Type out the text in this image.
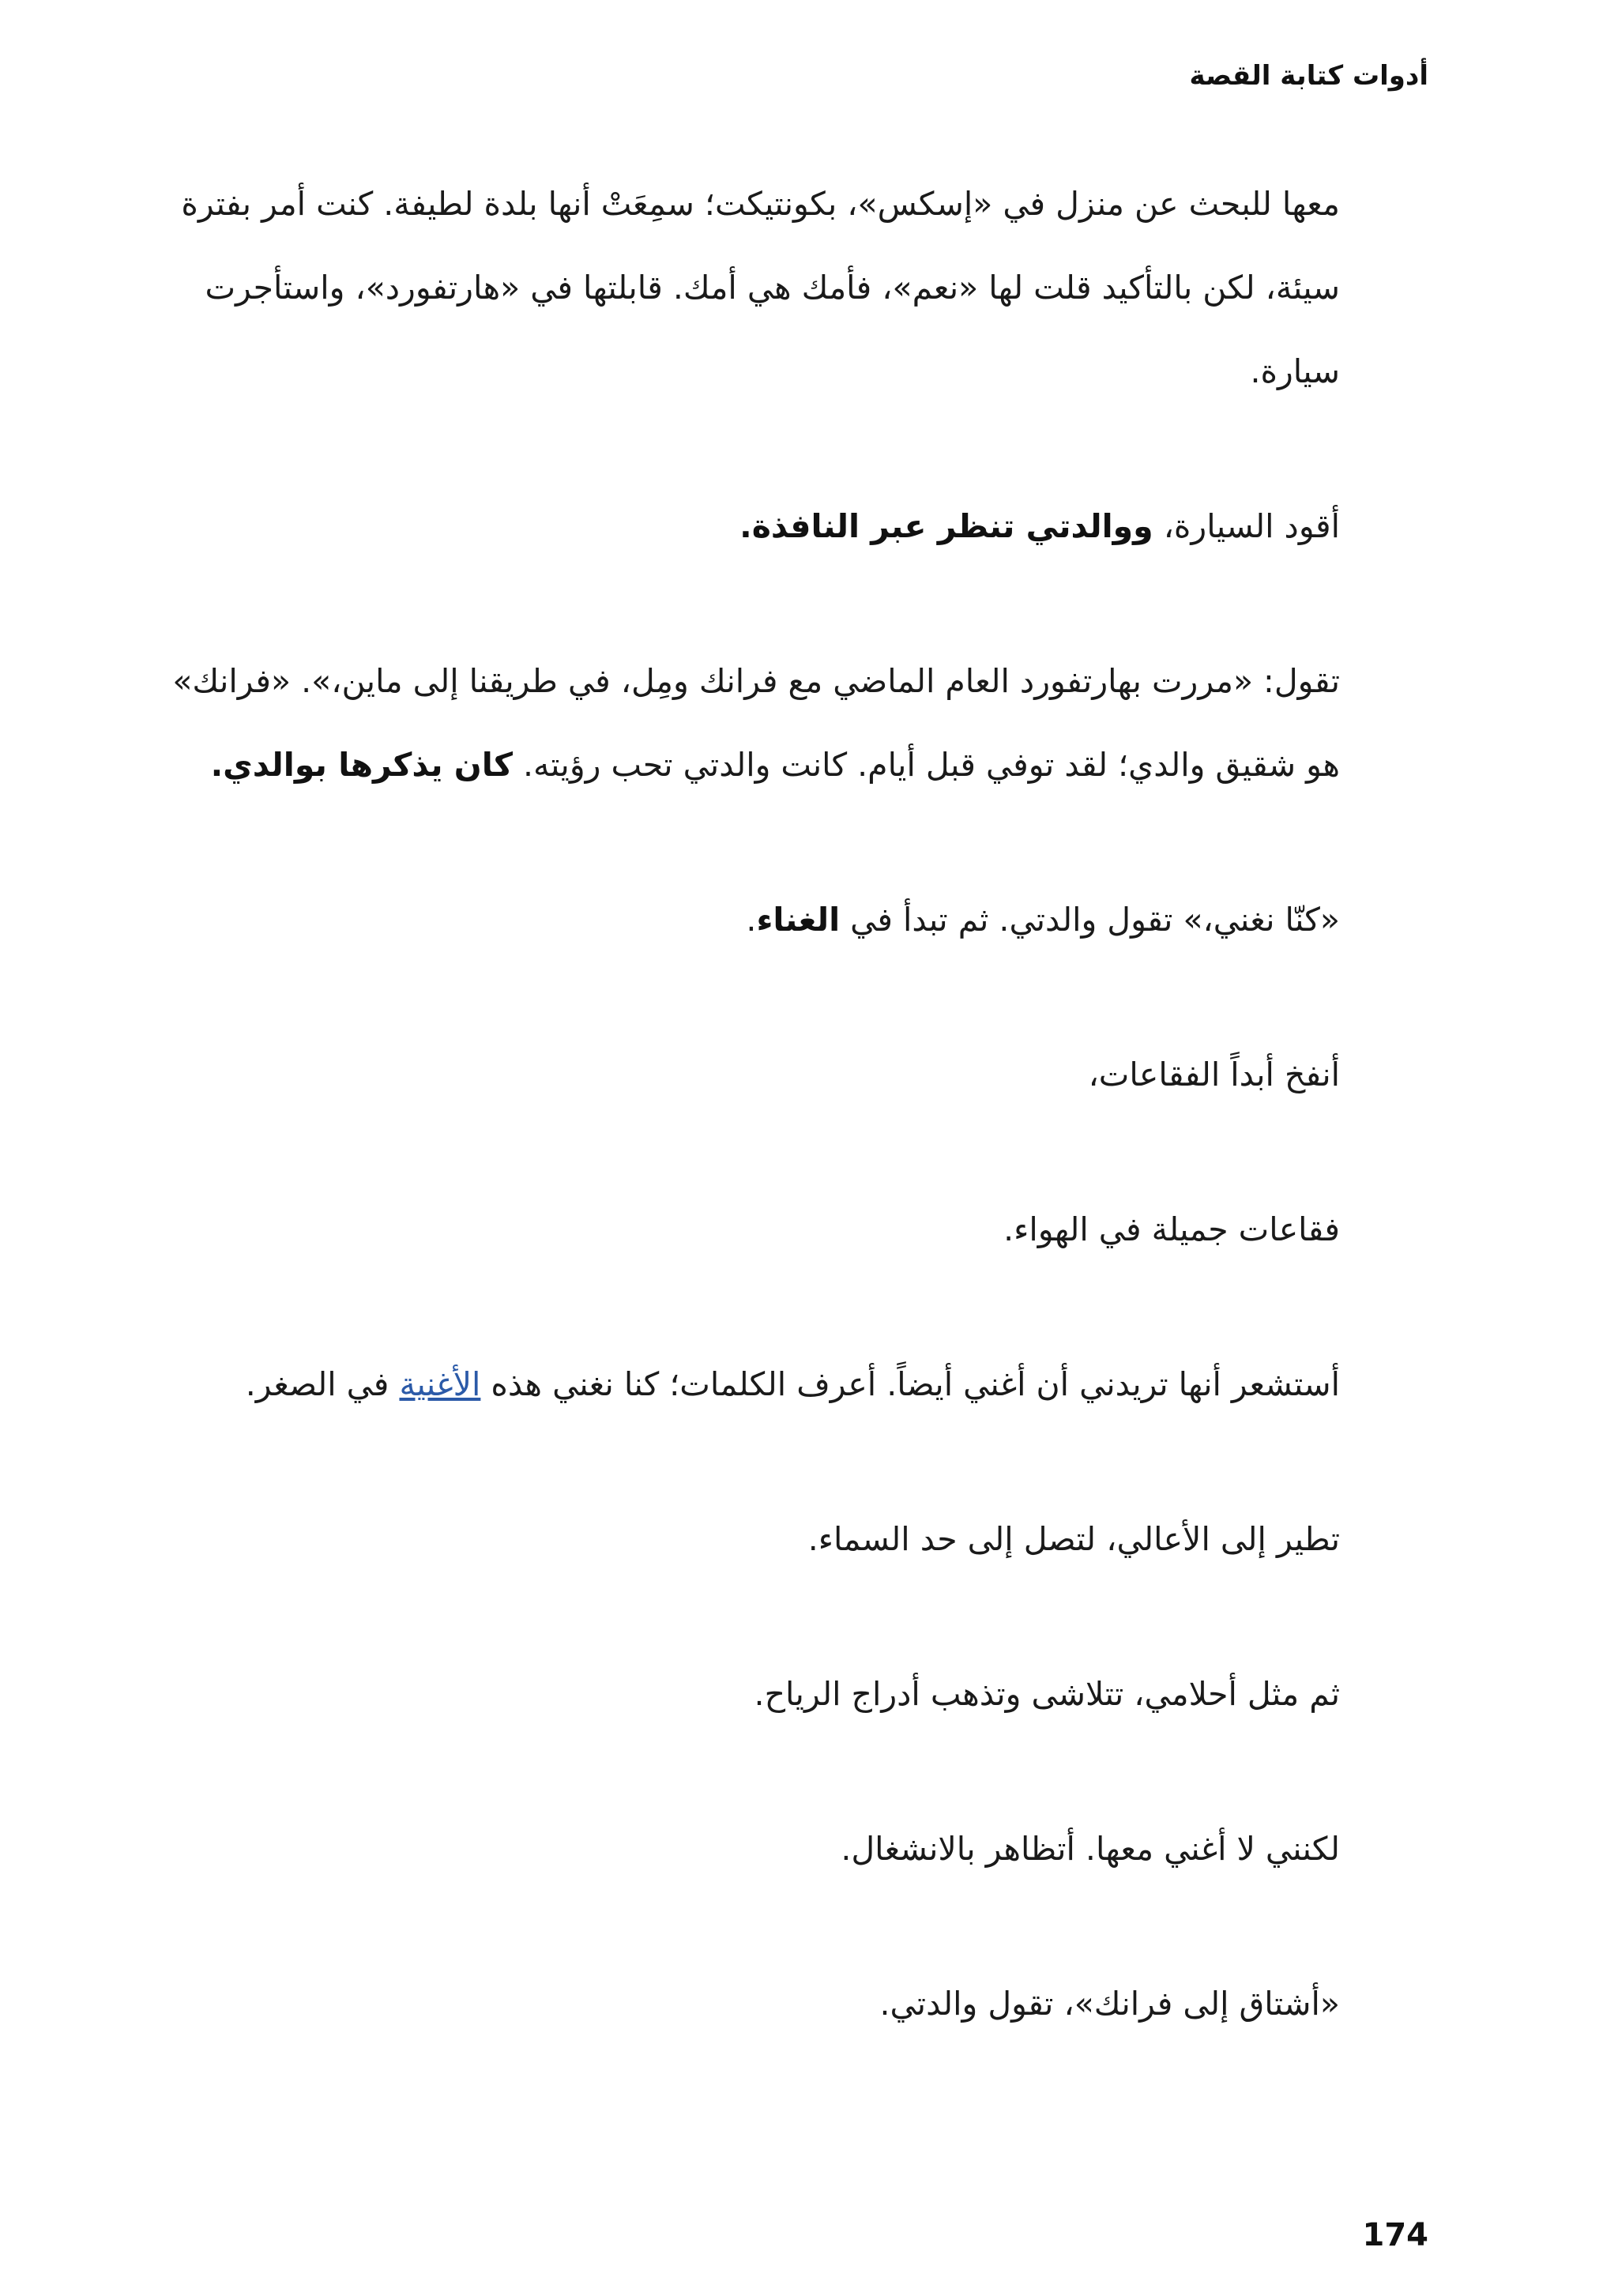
أدوات كتابة القصة

معها للبحث عن منزل في «إسكس»، بكونتيكت؛ سمِعَتْ أنها بلدة لطيفة. كنت أمر بفترة سيئة، لكن بالتأكيد قلت لها «نعم»، فأمك هي أمك. قابلتها في «هارتفورد»، واستأجرت سيارة.

أقود السيارة، ووالدتي تنظر عبر النافذة.

تقول: «مررت بهارتفورد العام الماضي مع فرانك ومِل، في طريقنا إلى ماين،». «فرانك» هو شقيق والدي؛ لقد توفي قبل أيام. كانت والدتي تحب رؤيته. كان يذكرها بوالدي.

«كنّا نغني،» تقول والدتي. ثم تبدأ في الغناء.

أنفخ أبداً الفقاعات،

فقاعات جميلة في الهواء.

أستشعر أنها تريدني أن أغني أيضاً. أعرف الكلمات؛ كنا نغني هذه الأغنية في الصغر.

تطير إلى الأعالي، لتصل إلى حد السماء.

ثم مثل أحلامي، تتلاشى وتذهب أدراج الرياح.

لكنني لا أغني معها. أتظاهر بالانشغال.

«أشتاق إلى فرانك»، تقول والدتي.

174
